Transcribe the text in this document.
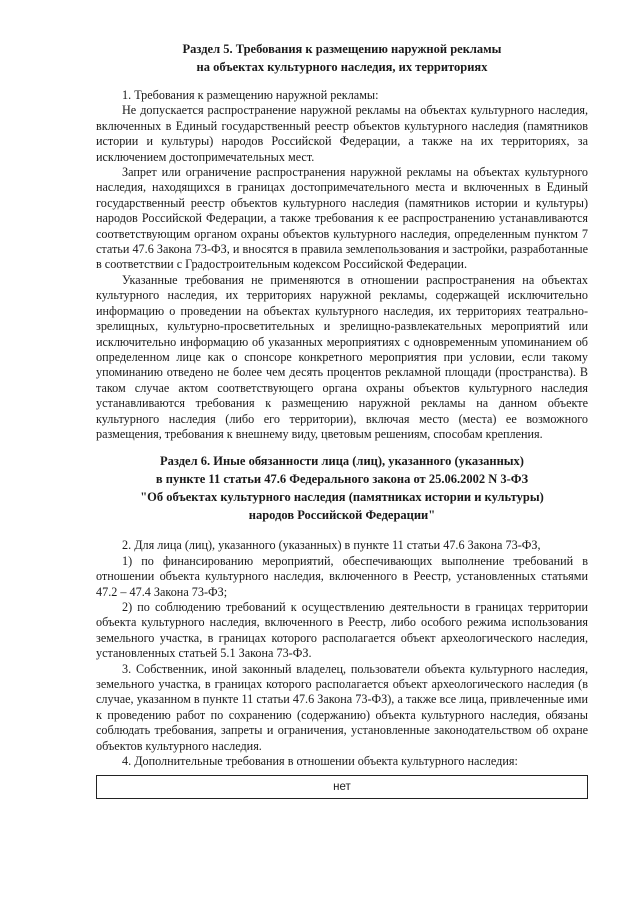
Раздел 5. Требования к размещению наружной рекламы
на объектах культурного наследия, их территориях

1. Требования к размещению наружной рекламы:

Не допускается распространение наружной рекламы на объектах культурного наследия, включенных в Единый государственный реестр объектов культурного наследия (памятников истории и культуры) народов Российской Федерации, а также на их территориях, за исключением достопримечательных мест.

Запрет или ограничение распространения наружной рекламы на объектах культурного наследия, находящихся в границах достопримечательного места и включенных в Единый государственный реестр объектов культурного наследия (памятников истории и культуры) народов Российской Федерации, а также требования к ее распространению устанавливаются соответствующим органом охраны объектов культурного наследия, определенным пунктом 7 статьи 47.6 Закона 73-ФЗ, и вносятся в правила землепользования и застройки, разработанные в соответствии с Градостроительным кодексом Российской Федерации.

Указанные требования не применяются в отношении распространения на объектах культурного наследия, их территориях наружной рекламы, содержащей исключительно информацию о проведении на объектах культурного наследия, их территориях театрально-зрелищных, культурно-просветительных и зрелищно-развлекательных мероприятий или исключительно информацию об указанных мероприятиях с одновременным упоминанием об определенном лице как о спонсоре конкретного мероприятия при условии, если такому упоминанию отведено не более чем десять процентов рекламной площади (пространства). В таком случае актом соответствующего органа охраны объектов культурного наследия устанавливаются требования к размещению наружной рекламы на данном объекте культурного наследия (либо его территории), включая место (места) ее возможного размещения, требования к внешнему виду, цветовым решениям, способам крепления.

Раздел 6. Иные обязанности лица (лиц), указанного (указанных)
в пункте 11 статьи 47.6 Федерального закона от 25.06.2002 N 3-ФЗ
"Об объектах культурного наследия (памятниках истории и культуры)
народов Российской Федерации"

2. Для лица (лиц), указанного (указанных) в пункте 11 статьи 47.6 Закона 73-ФЗ,

1) по финансированию мероприятий, обеспечивающих выполнение требований в отношении объекта культурного наследия, включенного в Реестр, установленных статьями 47.2 – 47.4 Закона 73-ФЗ;

2) по соблюдению требований к осуществлению деятельности в границах территории объекта культурного наследия, включенного в Реестр, либо особого режима использования земельного участка, в границах которого располагается объект археологического наследия, установленных статьей 5.1 Закона 73-ФЗ.

3. Собственник, иной законный владелец, пользователи объекта культурного наследия, земельного участка, в границах которого располагается объект археологического наследия (в случае, указанном в пункте 11 статьи 47.6 Закона 73-ФЗ), а также все лица, привлеченные ими к проведению работ по сохранению (содержанию) объекта культурного наследия, обязаны соблюдать требования, запреты и ограничения, установленные законодательством об охране объектов культурного наследия.

4. Дополнительные требования в отношении объекта культурного наследия:

нет
